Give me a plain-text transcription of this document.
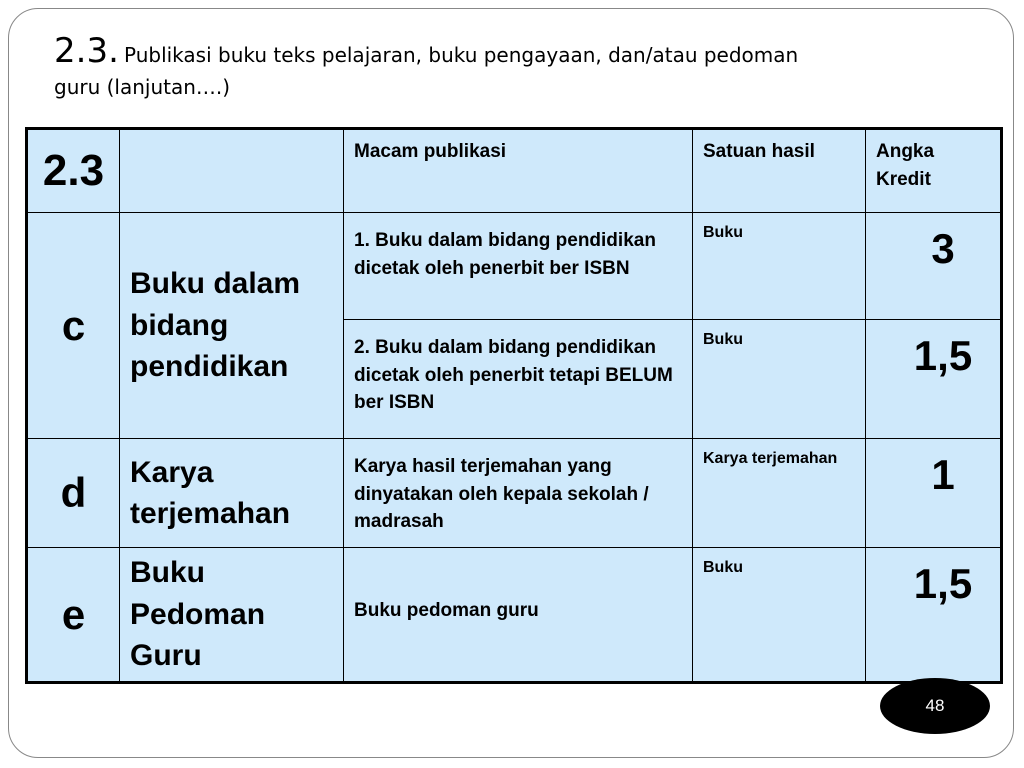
2.3. Publikasi buku teks pelajaran, buku pengayaan, dan/atau pedoman
guru (lanjutan….)
2.3		Macam publikasi	Satuan hasil	Angka Kredit
c	Buku dalam bidang pendidikan	1. Buku dalam bidang pendidikan dicetak oleh penerbit ber ISBN	Buku	3
		2. Buku dalam bidang pendidikan dicetak oleh penerbit tetapi BELUM ber ISBN	Buku	1,5
d	Karya terjemahan	Karya hasil terjemahan yang dinyatakan oleh kepala sekolah / madrasah	Karya terjemahan	1
e	Buku Pedoman Guru	Buku pedoman guru	Buku	1,5
48
